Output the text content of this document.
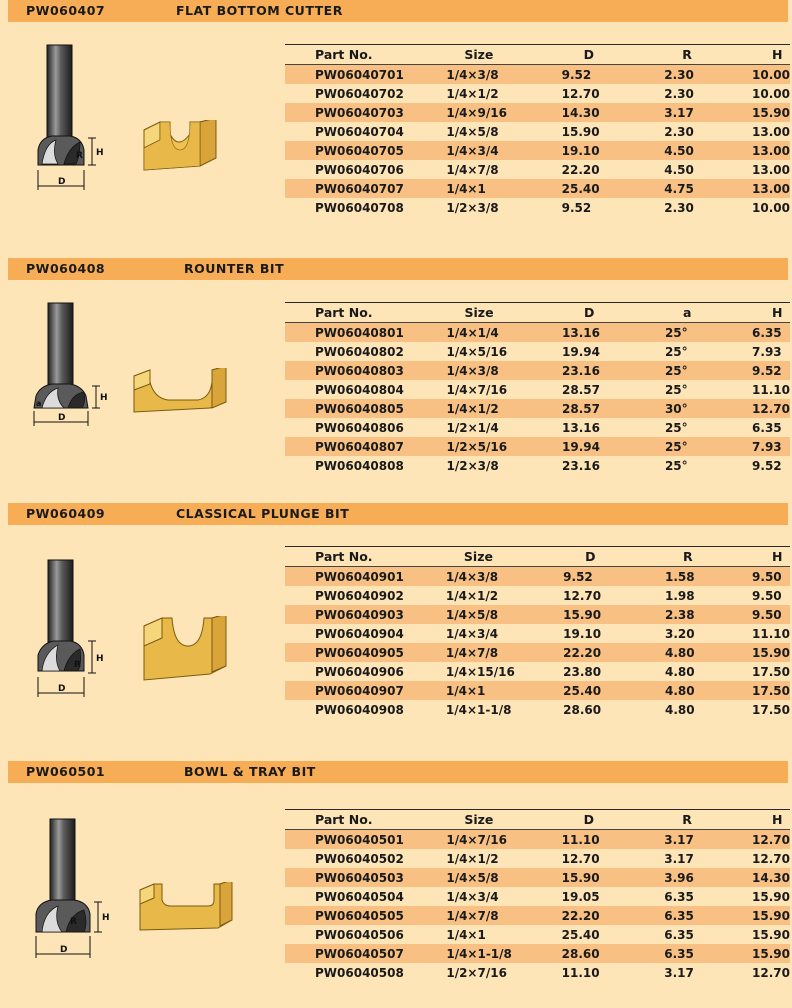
PW060407	FLAT BOTTOM CUTTER
D
R H
Part No.	Size	D	R	H
PW06040701	1/4×3/8	9.52	2.30	10.00
PW06040702	1/4×1/2	12.70	2.30	10.00
PW06040703	1/4×9/16	14.30	3.17	15.90
PW06040704	1/4×5/8	15.90	2.30	13.00
PW06040705	1/4×3/4	19.10	4.50	13.00
PW06040706	1/4×7/8	22.20	4.50	13.00
PW06040707	1/4×1	25.40	4.75	13.00
PW06040708	1/2×3/8	9.52	2.30	10.00
PW060408	ROUNTER BIT
D
a
H
Part No.	Size	D	a	H
PW06040801	1/4×1/4	13.16	25°	6.35
PW06040802	1/4×5/16	19.94	25°	7.93
PW06040803	1/4×3/8	23.16	25°	9.52
PW06040804	1/4×7/16	28.57	25°	11.10
PW06040805	1/4×1/2	28.57	30°	12.70
PW06040806	1/2×1/4	13.16	25°	6.35
PW06040807	1/2×5/16	19.94	25°	7.93
PW06040808	1/2×3/8	23.16	25°	9.52
PW060409	CLASSICAL PLUNGE BIT
D
R
H
Part No.	Size	D	R	H
PW06040901	1/4×3/8	9.52	1.58	9.50
PW06040902	1/4×1/2	12.70	1.98	9.50
PW06040903	1/4×5/8	15.90	2.38	9.50
PW06040904	1/4×3/4	19.10	3.20	11.10
PW06040905	1/4×7/8	22.20	4.80	15.90
PW06040906	1/4×15/16	23.80	4.80	17.50
PW06040907	1/4×1	25.40	4.80	17.50
PW06040908	1/4×1-1/8	28.60	4.80	17.50
PW060501	BOWL & TRAY BIT
D
R	H
Part No.	Size	D	R	H
PW06040501	1/4×7/16	11.10	3.17	12.70
PW06040502	1/4×1/2	12.70	3.17	12.70
PW06040503	1/4×5/8	15.90	3.96	14.30
PW06040504	1/4×3/4	19.05	6.35	15.90
PW06040505	1/4×7/8	22.20	6.35	15.90
PW06040506	1/4×1	25.40	6.35	15.90
PW06040507	1/4×1-1/8	28.60	6.35	15.90
PW06040508	1/2×7/16	11.10	3.17	12.70
